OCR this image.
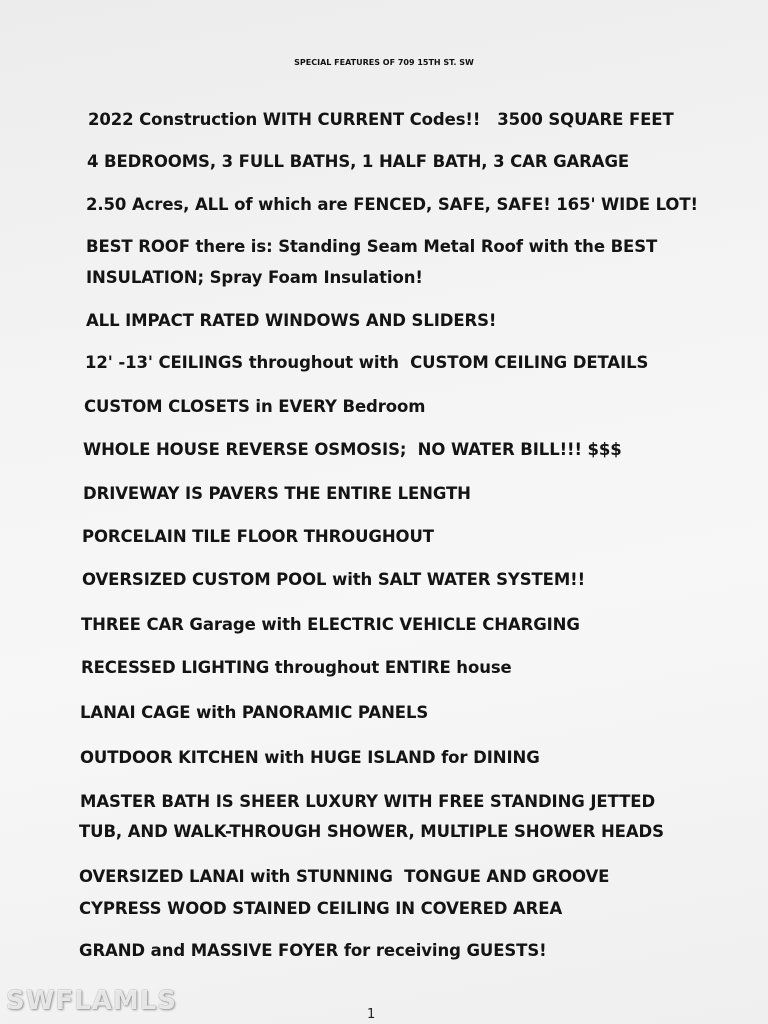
SPECIAL FEATURES OF 709 15TH ST. SW
2022 Construction WITH CURRENT Codes!!   3500 SQUARE FEET
4 BEDROOMS, 3 FULL BATHS, 1 HALF BATH, 3 CAR GARAGE
2.50 Acres, ALL of which are FENCED, SAFE, SAFE! 165' WIDE LOT!
BEST ROOF there is: Standing Seam Metal Roof with the BEST
INSULATION; Spray Foam Insulation!
ALL IMPACT RATED WINDOWS AND SLIDERS!
12' -13' CEILINGS throughout with  CUSTOM CEILING DETAILS
CUSTOM CLOSETS in EVERY Bedroom
WHOLE HOUSE REVERSE OSMOSIS;  NO WATER BILL!!! $$$
DRIVEWAY IS PAVERS THE ENTIRE LENGTH
PORCELAIN TILE FLOOR THROUGHOUT
OVERSIZED CUSTOM POOL with SALT WATER SYSTEM!!
THREE CAR Garage with ELECTRIC VEHICLE CHARGING
RECESSED LIGHTING throughout ENTIRE house
LANAI CAGE with PANORAMIC PANELS
OUTDOOR KITCHEN with HUGE ISLAND for DINING
MASTER BATH IS SHEER LUXURY WITH FREE STANDING JETTED
TUB, AND WALK-THROUGH SHOWER, MULTIPLE SHOWER HEADS
OVERSIZED LANAI with STUNNING  TONGUE AND GROOVE
CYPRESS WOOD STAINED CEILING IN COVERED AREA
GRAND and MASSIVE FOYER for receiving GUESTS!
1
SWFLAMLS
